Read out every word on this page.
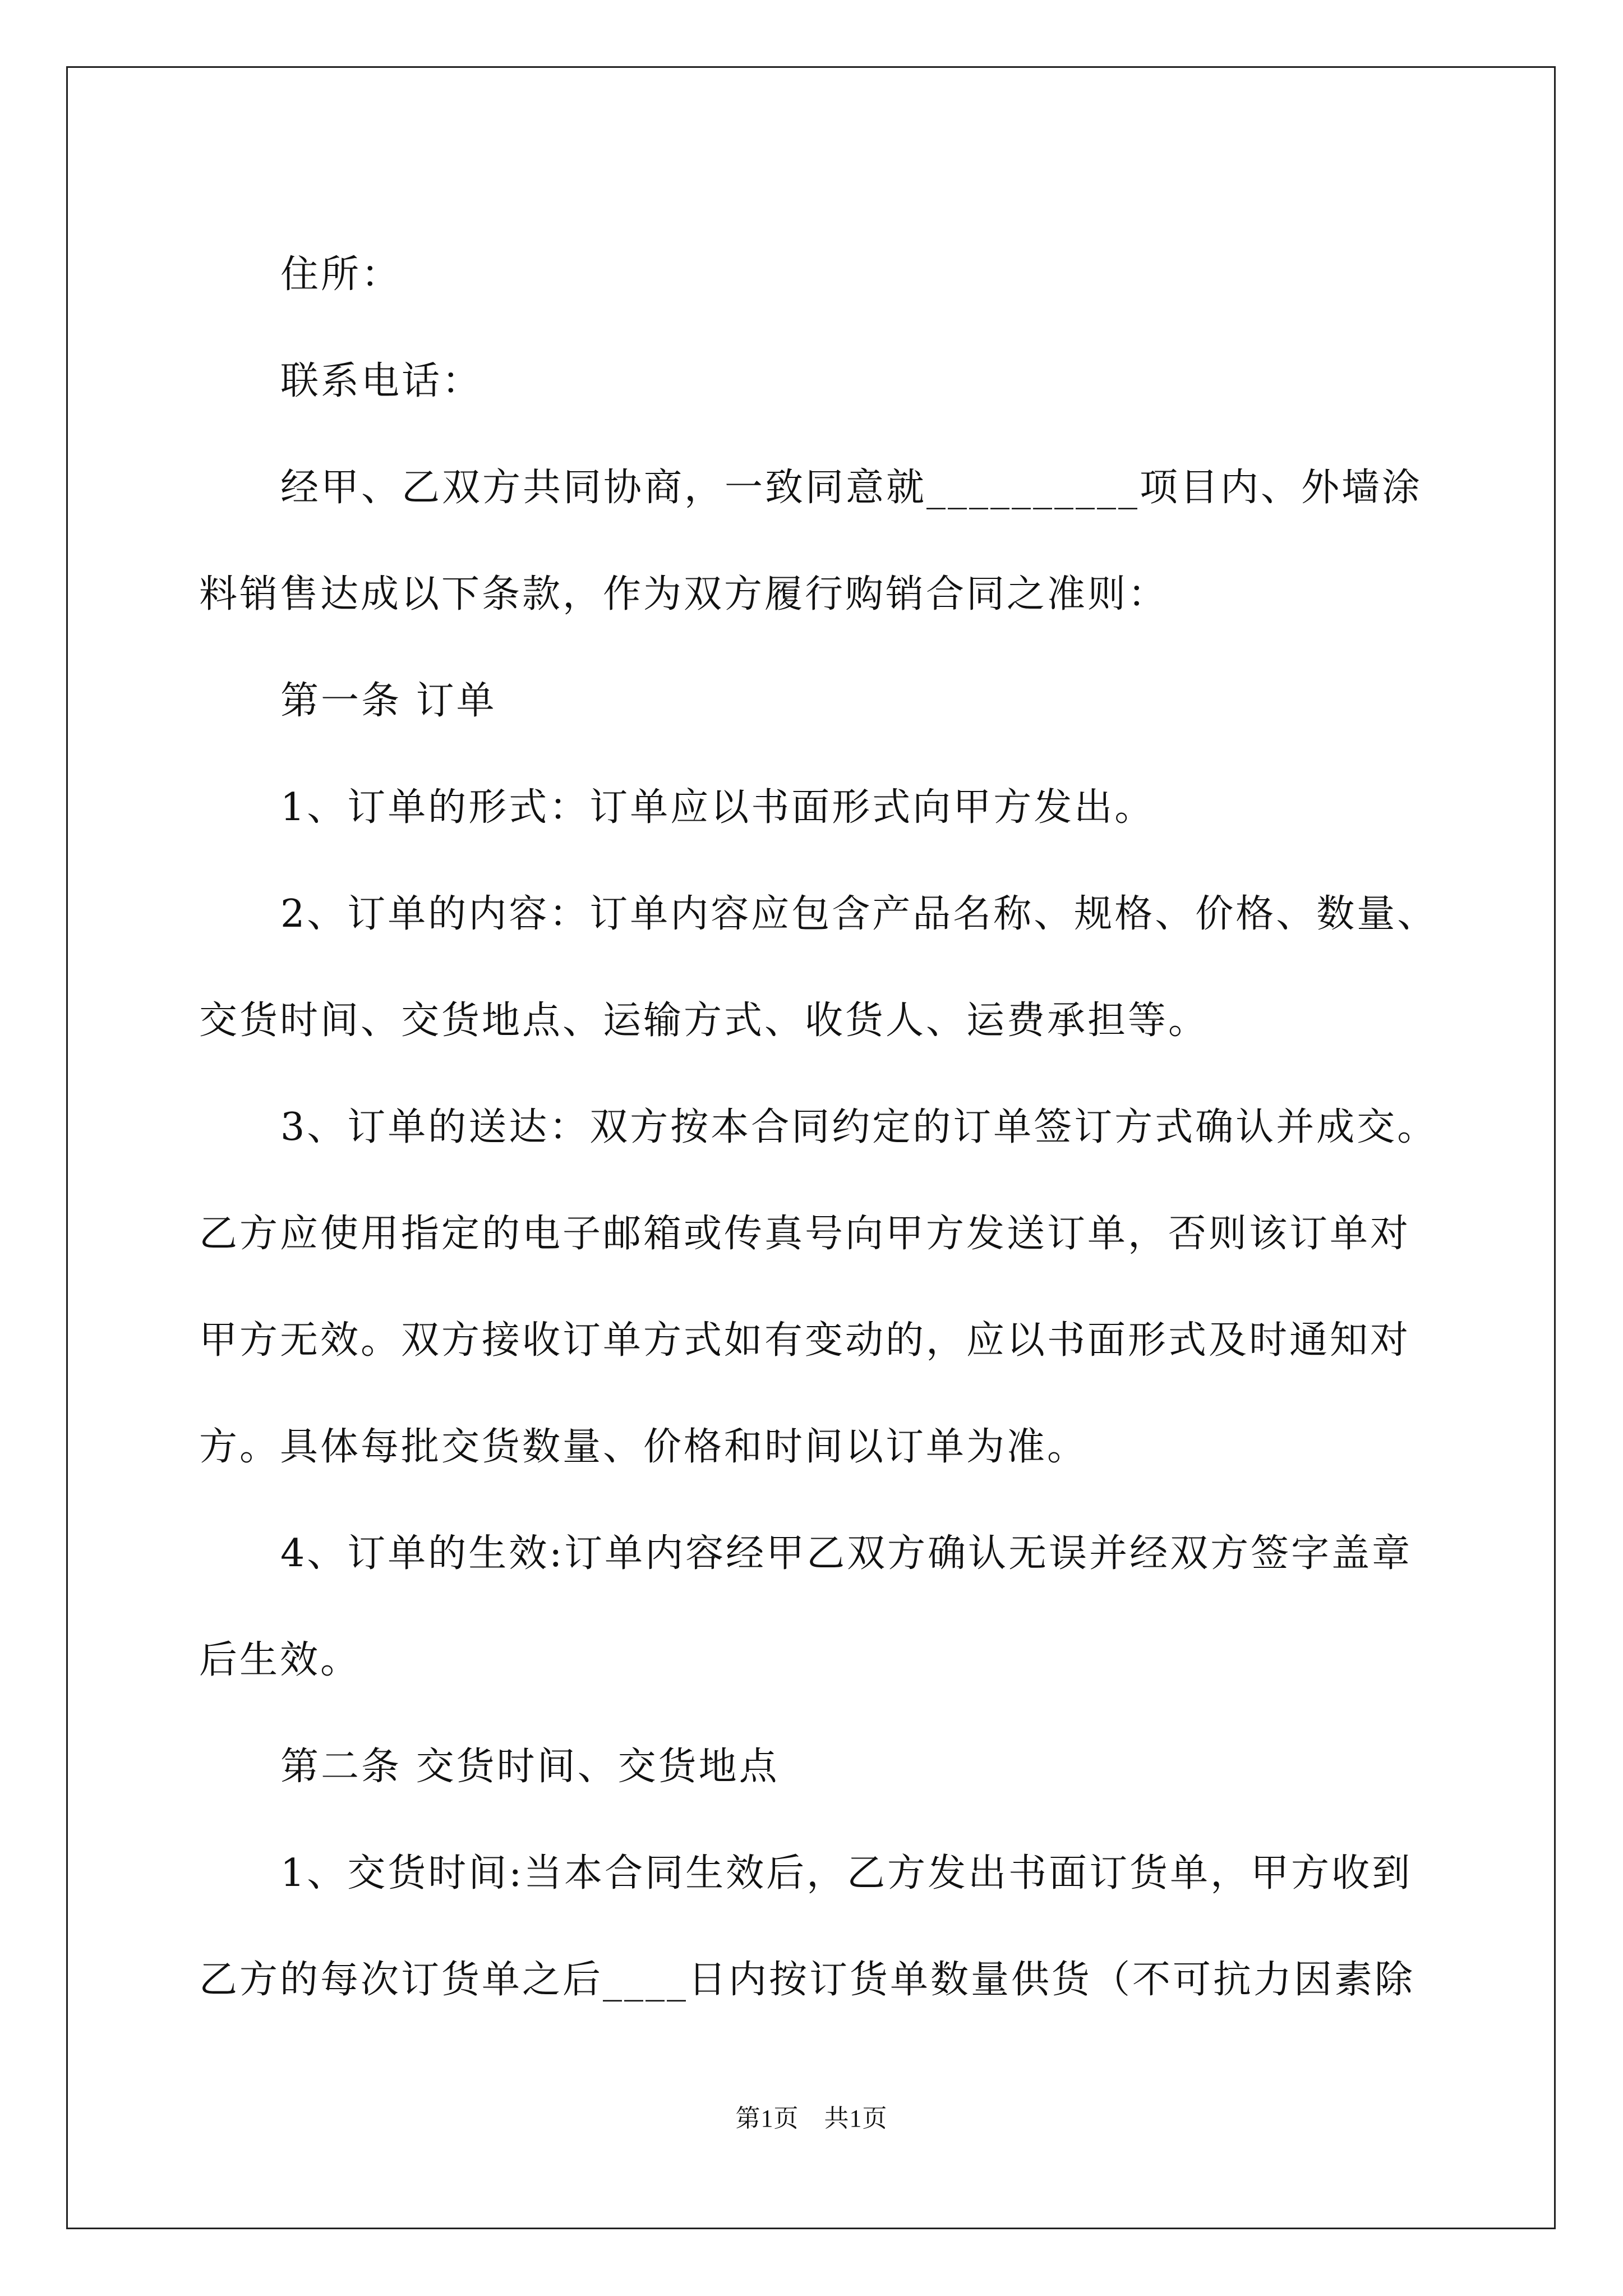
住所：
联系电话：
经甲、乙双方共同协商，一致同意就__________项目内、外墙涂
料销售达成以下条款，作为双方履行购销合同之准则：
第一条 订单
1、订单的形式：订单应以书面形式向甲方发出。
2、订单的内容：订单内容应包含产品名称、规格、价格、数量、
交货时间、交货地点、运输方式、收货人、运费承担等。
3、订单的送达：双方按本合同约定的订单签订方式确认并成交。
乙方应使用指定的电子邮箱或传真号向甲方发送订单，否则该订单对
甲方无效。双方接收订单方式如有变动的，应以书面形式及时通知对
方。具体每批交货数量、价格和时间以订单为准。
4、订单的生效:订单内容经甲乙双方确认无误并经双方签字盖章
后生效。
第二条 交货时间、交货地点
1、交货时间:当本合同生效后，乙方发出书面订货单，甲方收到
乙方的每次订货单之后____日内按订货单数量供货（不可抗力因素除
第1页　共1页
